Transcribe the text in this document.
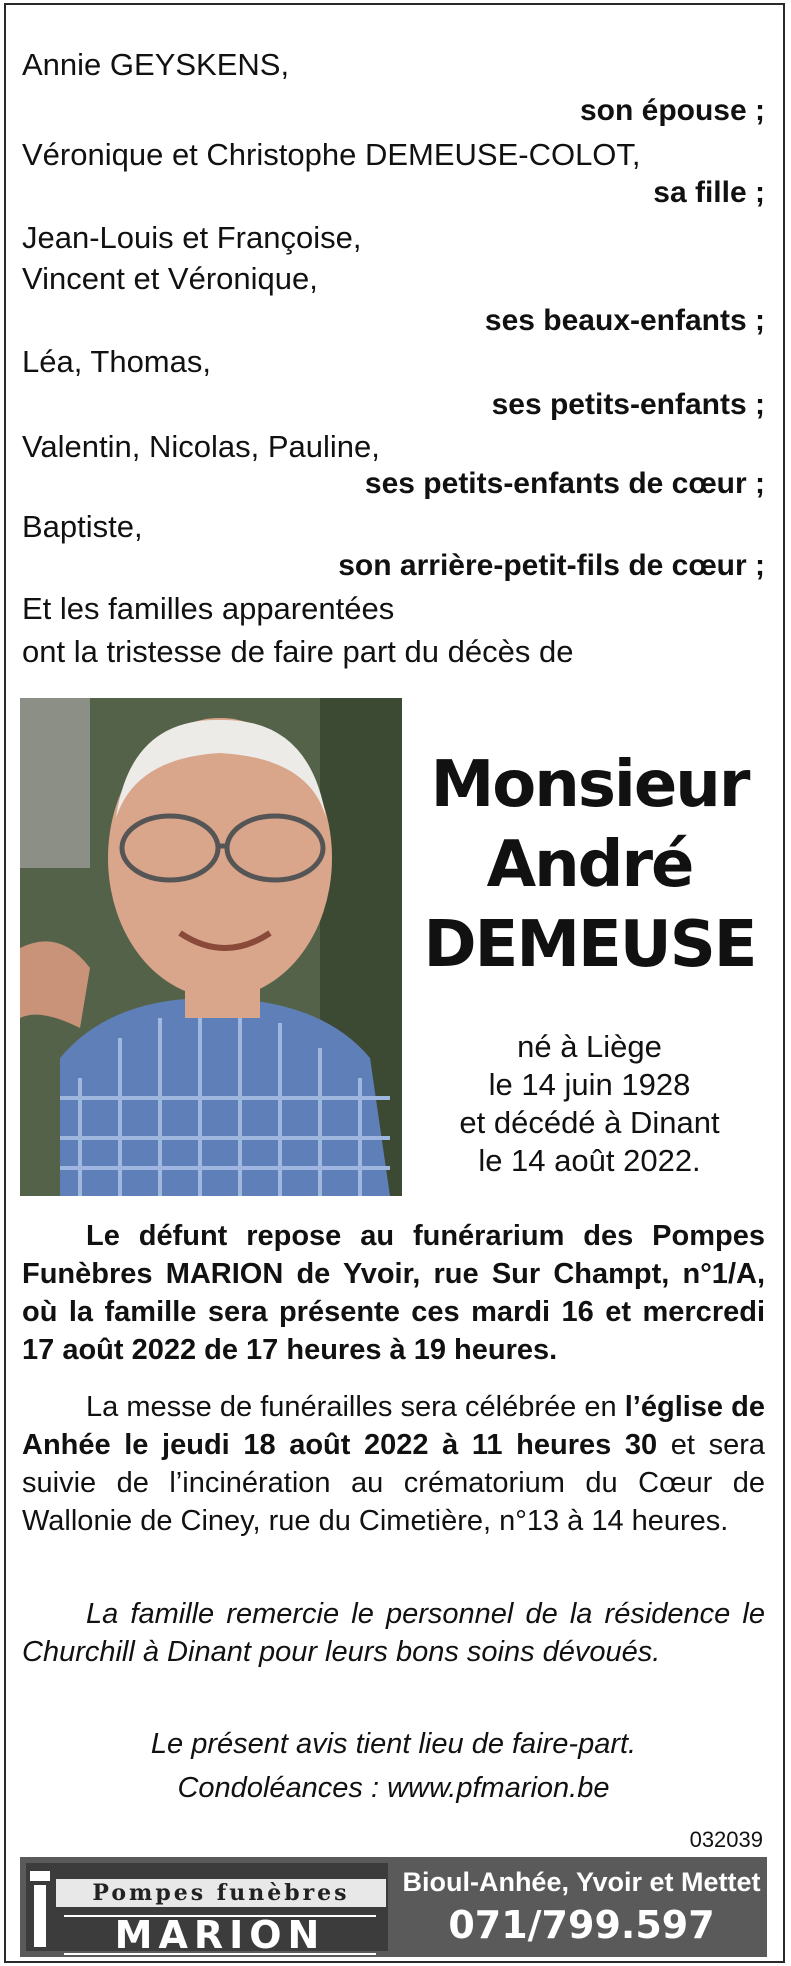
Annie GEYSKENS,
son épouse ;
Véronique et Christophe DEMEUSE-COLOT,
sa fille ;
Jean-Louis et Françoise,
Vincent et Véronique,
ses beaux-enfants ;
Léa, Thomas,
ses petits-enfants ;
Valentin, Nicolas, Pauline,
ses petits-enfants de cœur ;
Baptiste,
son arrière-petit-fils de cœur ;
Et les familles apparentées
ont la tristesse de faire part du décès de
Monsieur
André
DEMEUSE
né à Liège
le 14 juin 1928
et décédé à Dinant
le 14 août 2022.

Le défunt repose au funérarium des Pompes Funèbres MARION de Yvoir, rue Sur Champt, n°1/A, où la famille sera présente ces mardi 16 et mercredi 17 août 2022 de 17 heures à 19 heures.

La messe de funérailles sera célébrée en l’église de Anhée le jeudi 18 août 2022 à 11 heures 30 et sera suivie de l’incinération au crématorium du Cœur de Wallonie de Ciney, rue du Cimetière, n°13 à 14 heures.

La famille remercie le personnel de la résidence le Churchill à Dinant pour leurs bons soins dévoués.

Le présent avis tient lieu de faire-part.
Condoléances : www.pfmarion.be
032039
Pompes funèbres
MARION
Bioul-Anhée, Yvoir et Mettet
071/799.597
